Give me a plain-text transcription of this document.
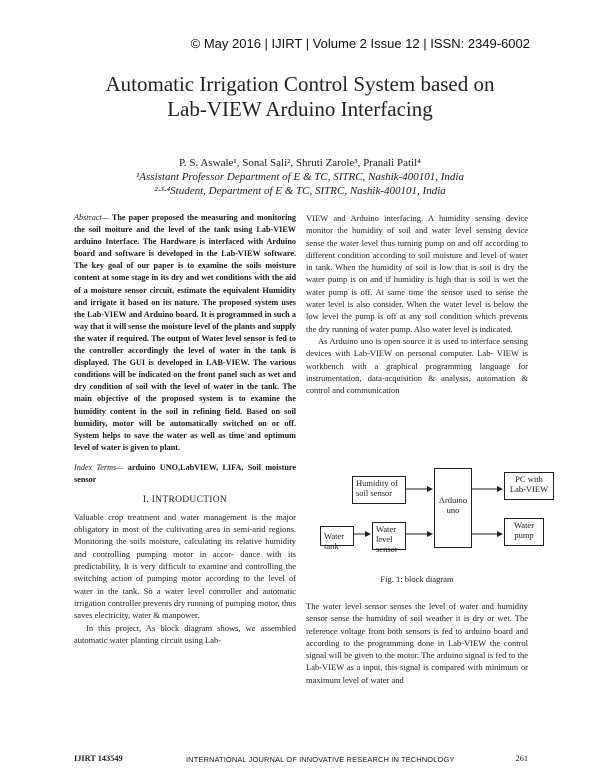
© May 2016 | IJIRT | Volume 2 Issue 12 | ISSN: 2349-6002
Automatic Irrigation Control System based on
Lab-VIEW Arduino Interfacing
P. S. Aswale¹, Sonal Sali², Shruti Zarole³, Pranali Patil⁴
¹Assistant Professor Department of E & TC, SITRC, Nashik-400101, India
²·³·⁴Student, Department of E & TC, SITRC, Nashik-400101, India
Abstract— The paper proposed the measuring and monitoring the soil moiture and the level of the tank using Lab-VIEW arduino Interface. The Hardware is interfaced with Arduino board and software is developed in the Lab-VIEW software. The key goal of our paper is to examine the soils moisture content at some stage in its dry and wet conditions with the aid of a moisture sensor circuit, estimate the equivalent Humidity and irrigate it based on its nature. The proposed system uses the Lab-VIEW and Arduino board. It is programmed in such a way that it will sense the moisture level of the plants and supply the water if required. The output of Water level sensor is fed to the controller accordingly the level of water in the tank is displayed. The GUI is developed in LAB-VIEW. The various conditions will be indicated on the front panel such as wet and dry condition of soil with the level of water in the tank. The main objective of the proposed system is to examine the humidity content in the soil in refining field. Based on soil humidity, motor will be automatically switched on or off. System helps to save the water as well as time and optimum level of water is given to plant.
Index Terms— arduino UNO,LabVIEW, LIFA, Soil moisture sensor
I. INTRODUCTION

Valuable crop treatment and water management is the major obligatory in most of the cultivating area in semi-arid regions. Monitoring the soils moisture, calculating its relative humidity and controlling pumping motor in accor- dance with its predictability. It is very difficult to examine and controlling the switching action of pumping motor according to the level of water in the tank. So a water level controller and automatic irrigation controller prevents dry running of pumping motor, thus saves electricity, water & manpower.

In this project, As block diagram shows, we assembled automatic water planting circuit using Lab-

VIEW and Arduino interfacing. A humidity sensing device monitor the humidity of soil and water level sensing device sense the water level thus turning pump on and off according to different condition according to soil moisture and level of water in tank. When the humidity of soil is low that is soil is dry the water pump is on and if humidity is high that is soil is wet the water pump is off. At same time the sensor used to sense the water level is also consider. When the water level is below the low level the pump is off at any soil condition which prevents the dry running of water pump. Also water level is indicated.

As Arduino uno is open source it is used to interface sensing devices with Lab-VIEW on personal computer. Lab- VIEW is workbench with a graphical programming language for instrumentation, data-acquisition & analysis, automation & control and communication

Humidity of soil sensor
Arduino uno
PC with Lab-VIEW
Water tank
Water level sensor
Water pump
Fig. 1: block diagram

The water level sensor senses the level of water and humidity sensor sense the humidity of soil weather it is dry or wet. The reference voltage from both sensors is fed to arduino board and according to the programming done in Lab-VIEW the control signal will be given to the motor. The arduino signal is fed to the Lab-VIEW as a input, this signal is compared with minimum or maximum level of water and

IJIRT 143549	INTERNATIONAL JOURNAL OF INNOVATIVE RESEARCH IN TECHNOLOGY	261
